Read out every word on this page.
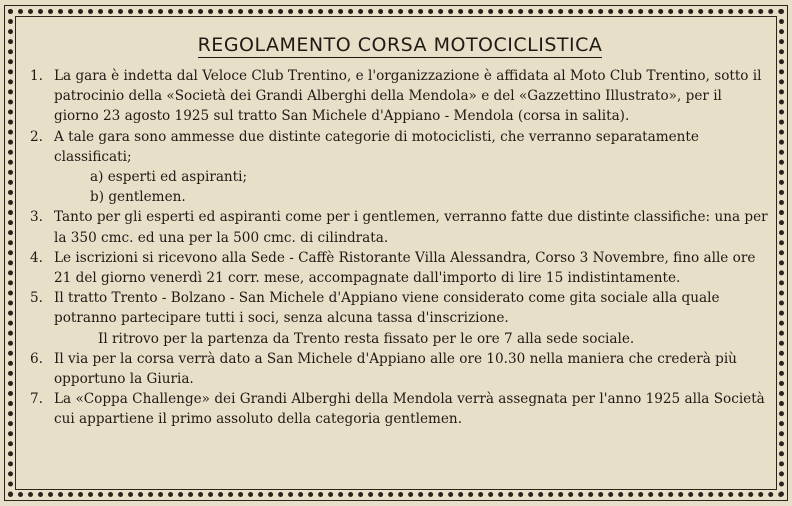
REGOLAMENTO CORSA MOTOCICLISTICA
1. La gara è indetta dal Veloce Club Trentino, e l'organizzazione è affidata al Moto Club Trentino, sotto il patrocinio della «Società dei Grandi Alberghi della Mendola» e del «Gazzettino Illustrato», per il giorno 23 agosto 1925 sul tratto San Michele d'Appiano - Mendola (corsa in salita).
2. A tale gara sono ammesse due distinte categorie di motociclisti, che verranno separatamente classificati;
a) esperti ed aspiranti;
b) gentlemen.
3. Tanto per gli esperti ed aspiranti come per i gentlemen, verranno fatte due distinte classifiche: una per la 350 cmc. ed una per la 500 cmc. di cilindrata.
4. Le iscrizioni si ricevono alla Sede - Caffè Ristorante Villa Alessandra, Corso 3 Novembre, fino alle ore 21 del giorno venerdì 21 corr. mese, accompagnate dall'importo di lire 15 indistintamente.
5. Il tratto Trento - Bolzano - San Michele d'Appiano viene considerato come gita sociale alla quale potranno partecipare tutti i soci, senza alcuna tassa d'inscrizione.
Il ritrovo per la partenza da Trento resta fissato per le ore 7 alla sede sociale.
6. Il via per la corsa verrà dato a San Michele d'Appiano alle ore 10.30 nella maniera che crederà più opportuno la Giuria.
7. La «Coppa Challenge» dei Grandi Alberghi della Mendola verrà assegnata per l'anno 1925 alla Società cui appartiene il primo assoluto della categoria gentlemen.
